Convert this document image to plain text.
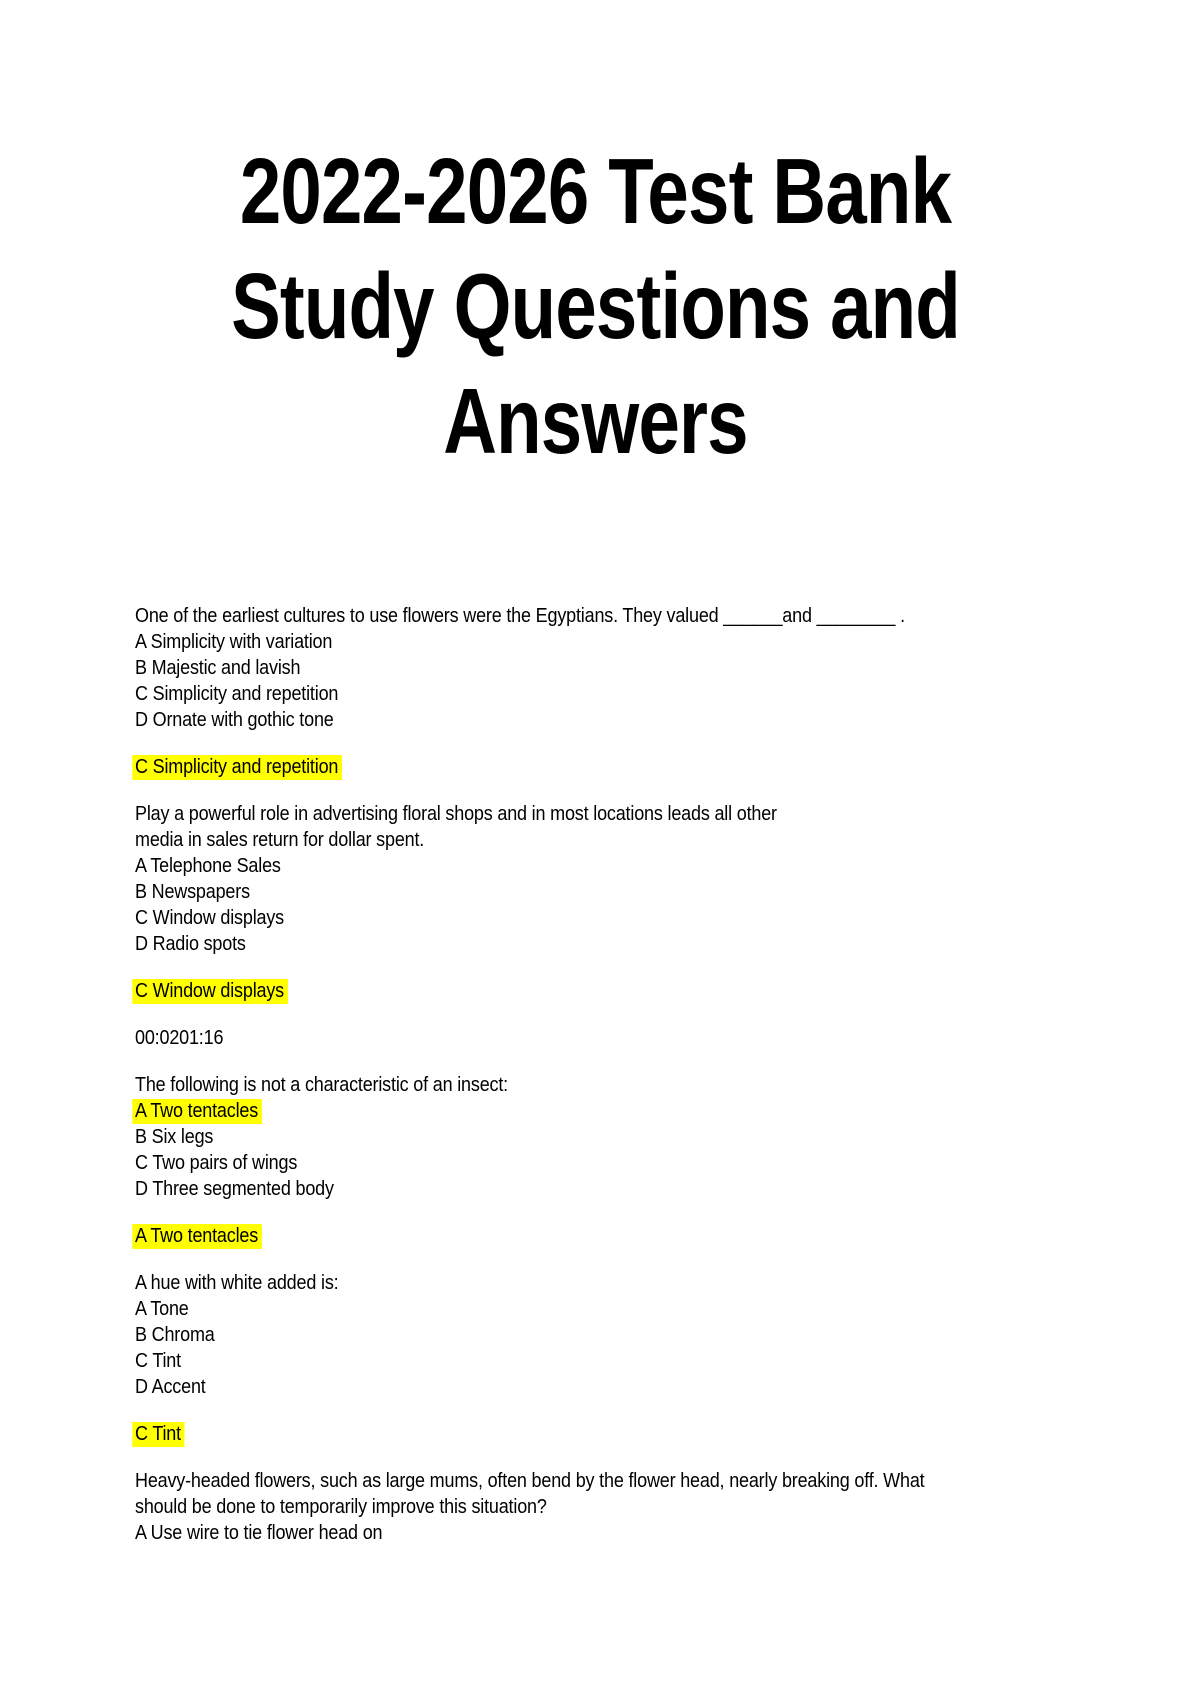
2022-2026 Test Bank
Study Questions and
Answers
One of the earliest cultures to use flowers were the Egyptians. They valued ______and ________ .
A Simplicity with variation
B Majestic and lavish
C Simplicity and repetition
D Ornate with gothic tone
C Simplicity and repetition
Play a powerful role in advertising floral shops and in most locations leads all other
media in sales return for dollar spent.
A Telephone Sales
B Newspapers
C Window displays
D Radio spots
C Window displays
00:0201:16
The following is not a characteristic of an insect:
A Two tentacles
B Six legs
C Two pairs of wings
D Three segmented body
A Two tentacles
A hue with white added is:
A Tone
B Chroma
C Tint
D Accent
C Tint
Heavy-headed flowers, such as large mums, often bend by the flower head, nearly breaking off. What
should be done to temporarily improve this situation?
A Use wire to tie flower head on
